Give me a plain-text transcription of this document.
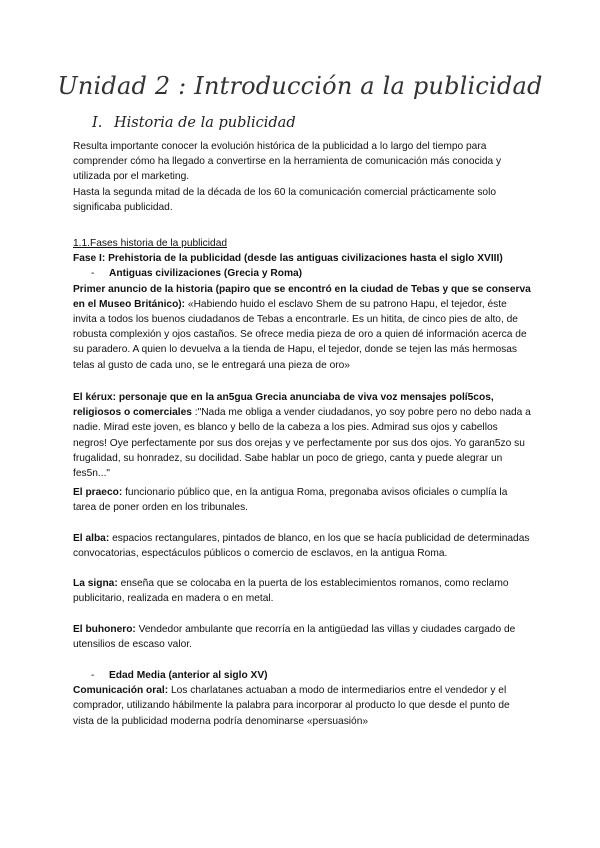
Unidad 2 : Introducción a la publicidad
I. Historia de la publicidad

Resulta importante conocer la evolución histórica de la publicidad a lo largo del tiempo para comprender cómo ha llegado a convertirse en la herramienta de comunicación más conocida y utilizada por el marketing.

Hasta la segunda mitad de la década de los 60 la comunicación comercial prácticamente solo significaba publicidad.

1.1.Fases historia de la publicidad

Fase I: Prehistoria de la publicidad (desde las antiguas civilizaciones hasta el siglo XVIII)

- Antiguas civilizaciones (Grecia y Roma)

Primer anuncio de la historia (papiro que se encontró en la ciudad de Tebas y que se conserva en el Museo Británico): «Habiendo huido el esclavo Shem de su patrono Hapu, el tejedor, éste invita a todos los buenos ciudadanos de Tebas a encontrarle. Es un hitita, de cinco pies de alto, de robusta complexión y ojos castaños. Se ofrece media pieza de oro a quien dé información acerca de su paradero. A quien lo devuelva a la tienda de Hapu, el tejedor, donde se tejen las más hermosas telas al gusto de cada uno, se le entregará una pieza de oro»

El kérux: personaje que en la an5gua Grecia anunciaba de viva voz mensajes polí5cos, religiosos o comerciales :"Nada me obliga a vender ciudadanos, yo soy pobre pero no debo nada a nadie. Mirad este joven, es blanco y bello de la cabeza a los pies. Admirad sus ojos y cabellos negros! Oye perfectamente por sus dos orejas y ve perfectamente por sus dos ojos. Yo garan5zo su frugalidad, su honradez, su docilidad. Sabe hablar un poco de griego, canta y puede alegrar un fes5n..."

El praeco: funcionario público que, en la antigua Roma, pregonaba avisos oficiales o cumplía la tarea de poner orden en los tribunales.

El alba: espacios rectangulares, pintados de blanco, en los que se hacía publicidad de determinadas convocatorias, espectáculos públicos o comercio de esclavos, en la antigua Roma.

La signa: enseña que se colocaba en la puerta de los establecimientos romanos, como reclamo publicitario, realizada en madera o en metal.

El buhonero: Vendedor ambulante que recorría en la antigüedad las villas y ciudades cargado de utensilios de escaso valor.

- Edad Media (anterior al siglo XV)

Comunicación oral: Los charlatanes actuaban a modo de intermediarios entre el vendedor y el comprador, utilizando hábilmente la palabra para incorporar al producto lo que desde el punto de vista de la publicidad moderna podría denominarse «persuasión»
